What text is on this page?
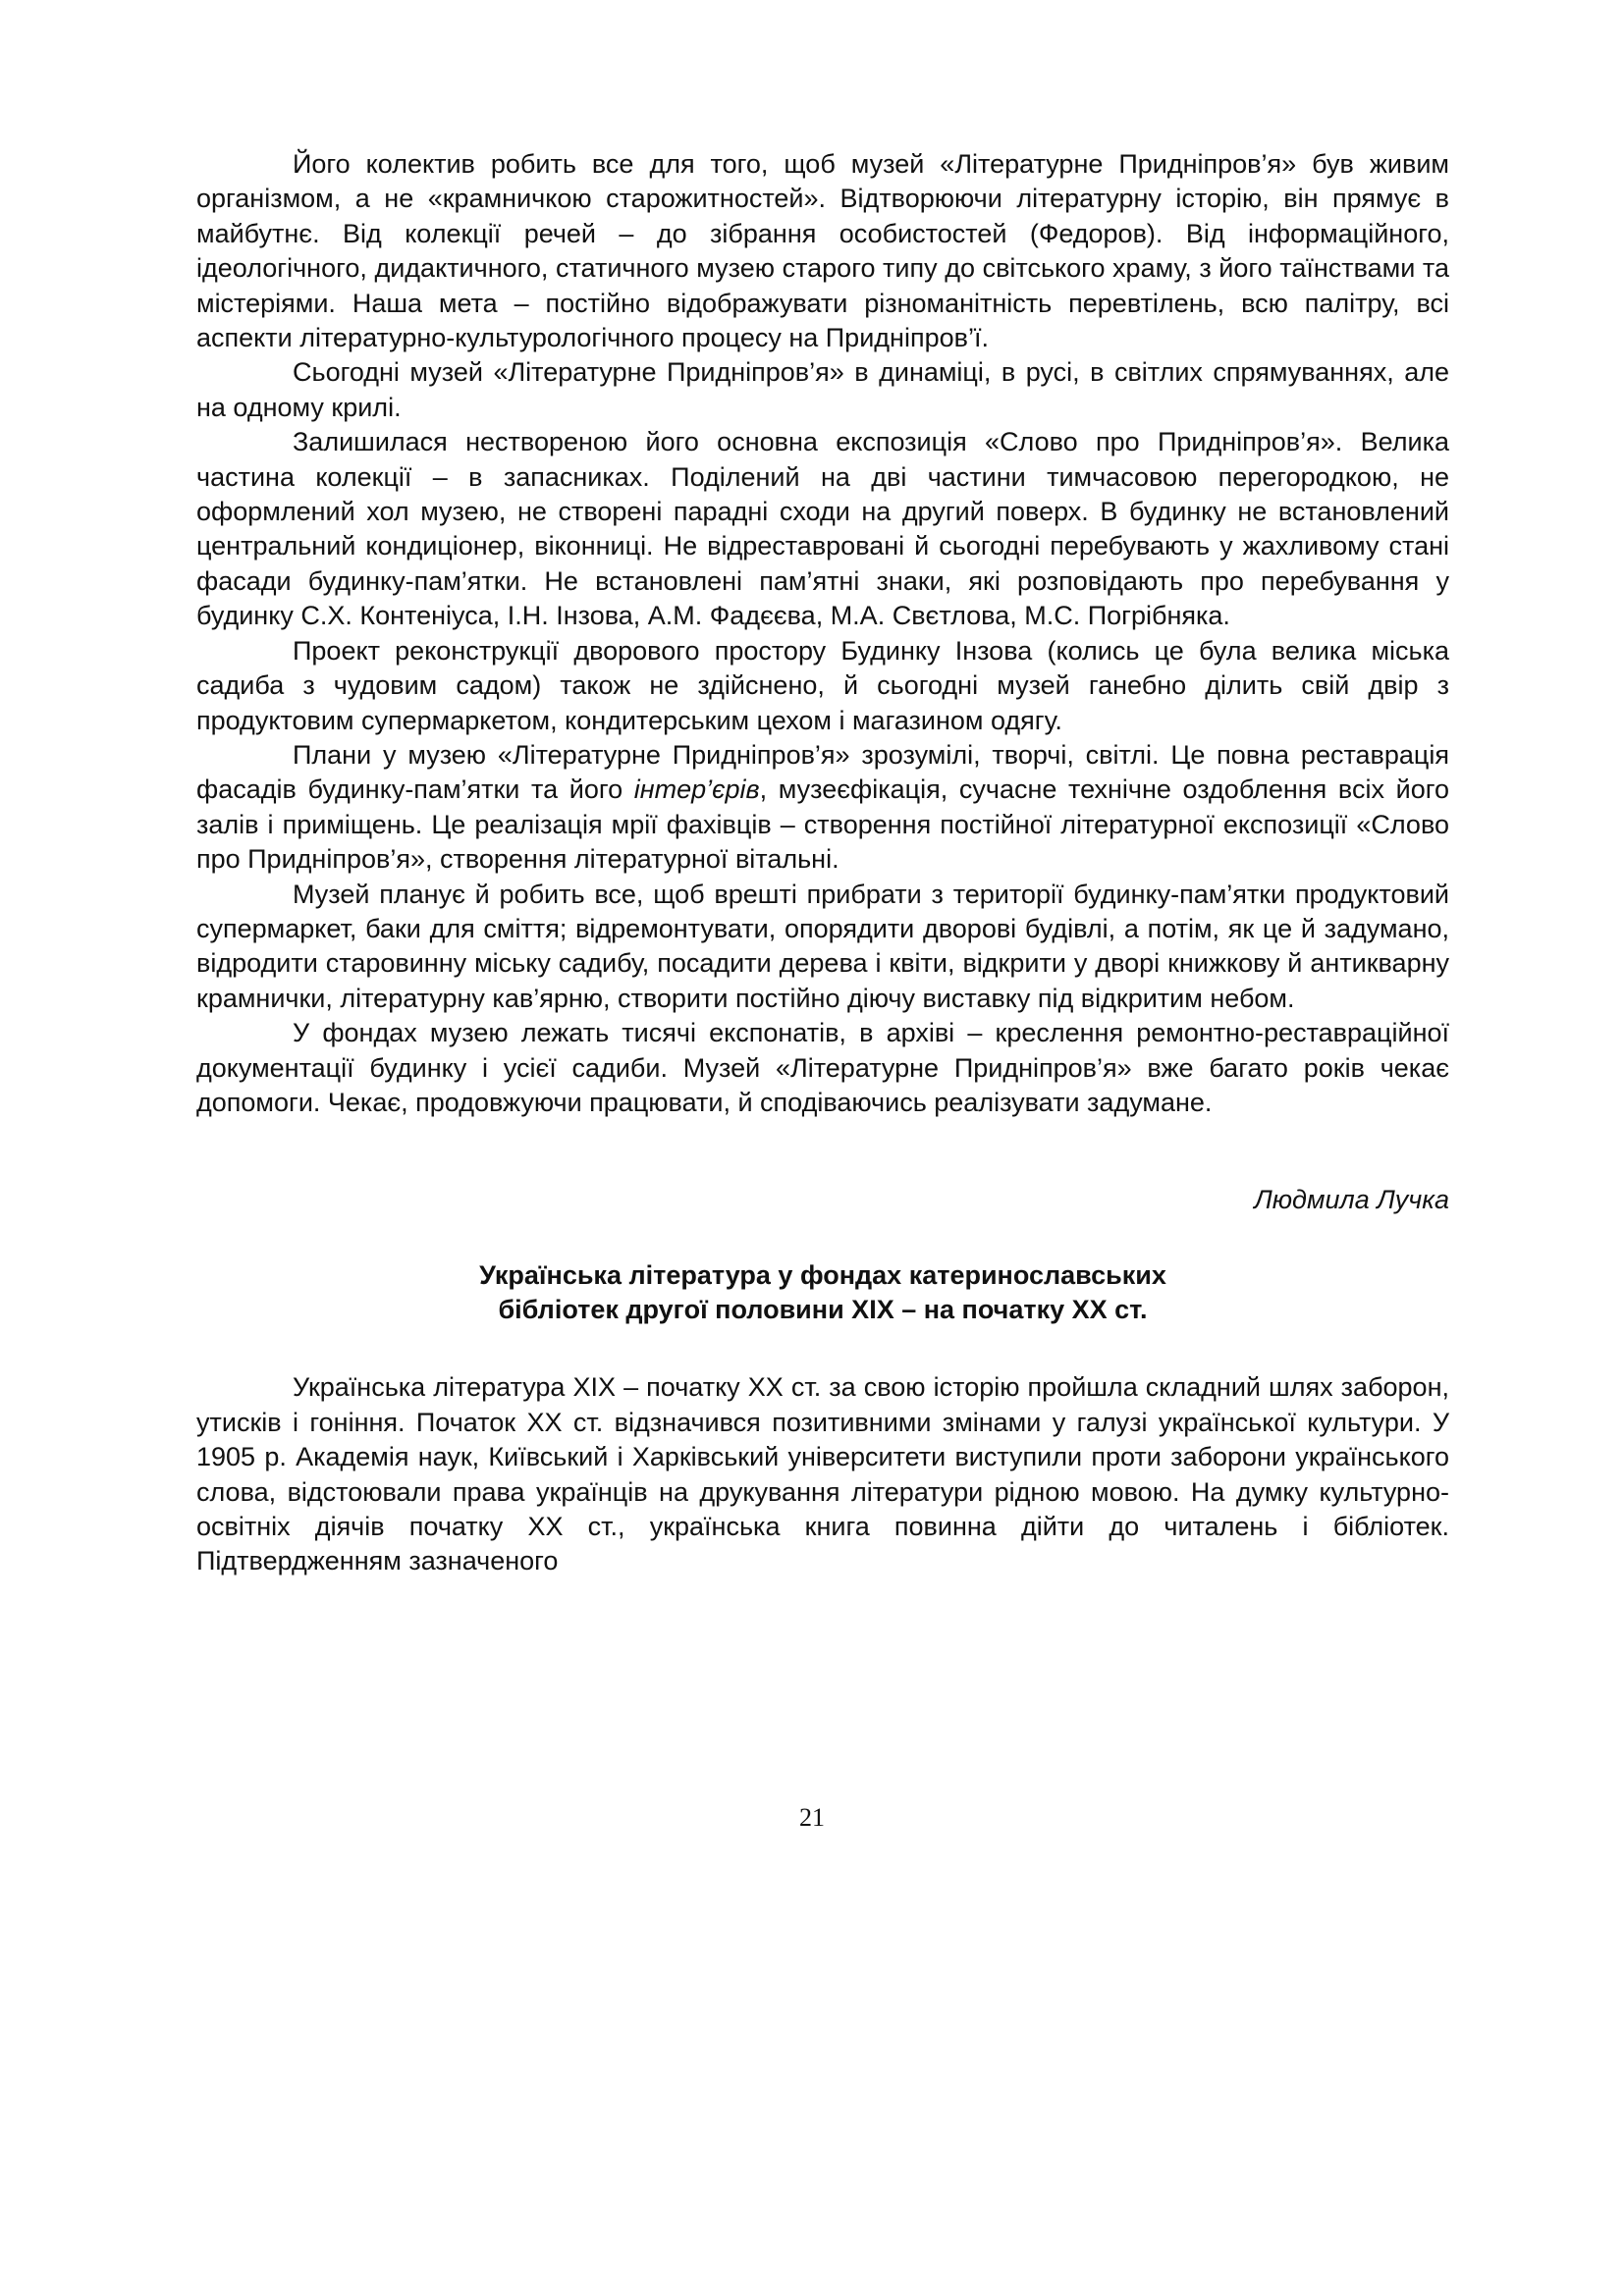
Його колектив робить все для того, щоб музей «Літературне Придніпров’я» був живим організмом, а не «крамничкою старожитностей». Відтворюючи літературну історію, він прямує в майбутнє. Від колекції речей – до зібрання особистостей (Федоров). Від інформаційного, ідеологічного, дидактичного, статичного музею старого типу до світського храму, з його таїнствами та містеріями. Наша мета – постійно відображувати різноманітність перевтілень, всю палітру, всі аспекти літературно-культурологічного процесу на Придніпров’ї.

Сьогодні музей «Літературне Придніпров’я» в динаміці, в русі, в світлих спрямуваннях, але на одному крилі.

Залишилася нествореною його основна експозиція «Слово про Придніпров’я». Велика частина колекції – в запасниках. Поділений на дві частини тимчасовою перегородкою, не оформлений хол музею, не створені парадні сходи на другий поверх. В будинку не встановлений центральний кондиціонер, віконниці. Не відреставровані й сьогодні перебувають у жахливому стані фасади будинку-пам’ятки. Не встановлені пам’ятні знаки, які розповідають про перебування у будинку С.Х. Контеніуса, І.Н. Інзова, А.М. Фадєєва, М.А. Свєтлова, М.С. Погрібняка.

Проект реконструкції дворового простору Будинку Інзова (колись це була велика міська садиба з чудовим садом) також не здійснено, й сьогодні музей ганебно ділить свій двір з продуктовим супермаркетом, кондитерським цехом і магазином одягу.

Плани у музею «Літературне Придніпров’я» зрозумілі, творчі, світлі. Це повна реставрація фасадів будинку-пам’ятки та його інтер’єрів, музеєфікація, сучасне технічне оздоблення всіх його залів і приміщень. Це реалізація мрії фахівців – створення постійної літературної експозиції «Слово про Придніпров’я», створення літературної вітальні.

Музей планує й робить все, щоб врешті прибрати з території будинку-пам’ятки продуктовий супермаркет, баки для сміття; відремонтувати, опорядити дворові будівлі, а потім, як це й задумано, відродити старовинну міську садибу, посадити дерева і квіти, відкрити у дворі книжкову й антикварну крамнички, літературну кав’ярню, створити постійно діючу виставку під відкритим небом.

У фондах музею лежать тисячі експонатів, в архіві – креслення ремонтно-реставраційної документації будинку і усієї садиби. Музей «Літературне Придніпров’я» вже багато років чекає допомоги. Чекає, продовжуючи працювати, й сподіваючись реалізувати задумане.

Людмила Лучка

Українська література у фондах катеринославських
бібліотек другої половини ХІХ – на початку ХХ ст.

Українська література ХІХ – початку ХХ ст. за свою історію пройшла складний шлях заборон, утисків і гоніння. Початок ХХ ст. відзначився позитивними змінами у галузі української культури. У 1905 р. Академія наук, Київський і Харківський університети виступили проти заборони українського слова, відстоювали права українців на друкування літератури рідною мовою. На думку культурно-освітніх діячів початку ХХ ст., українська книга повинна дійти до читалень і бібліотек. Підтвердженням зазначеного

21
